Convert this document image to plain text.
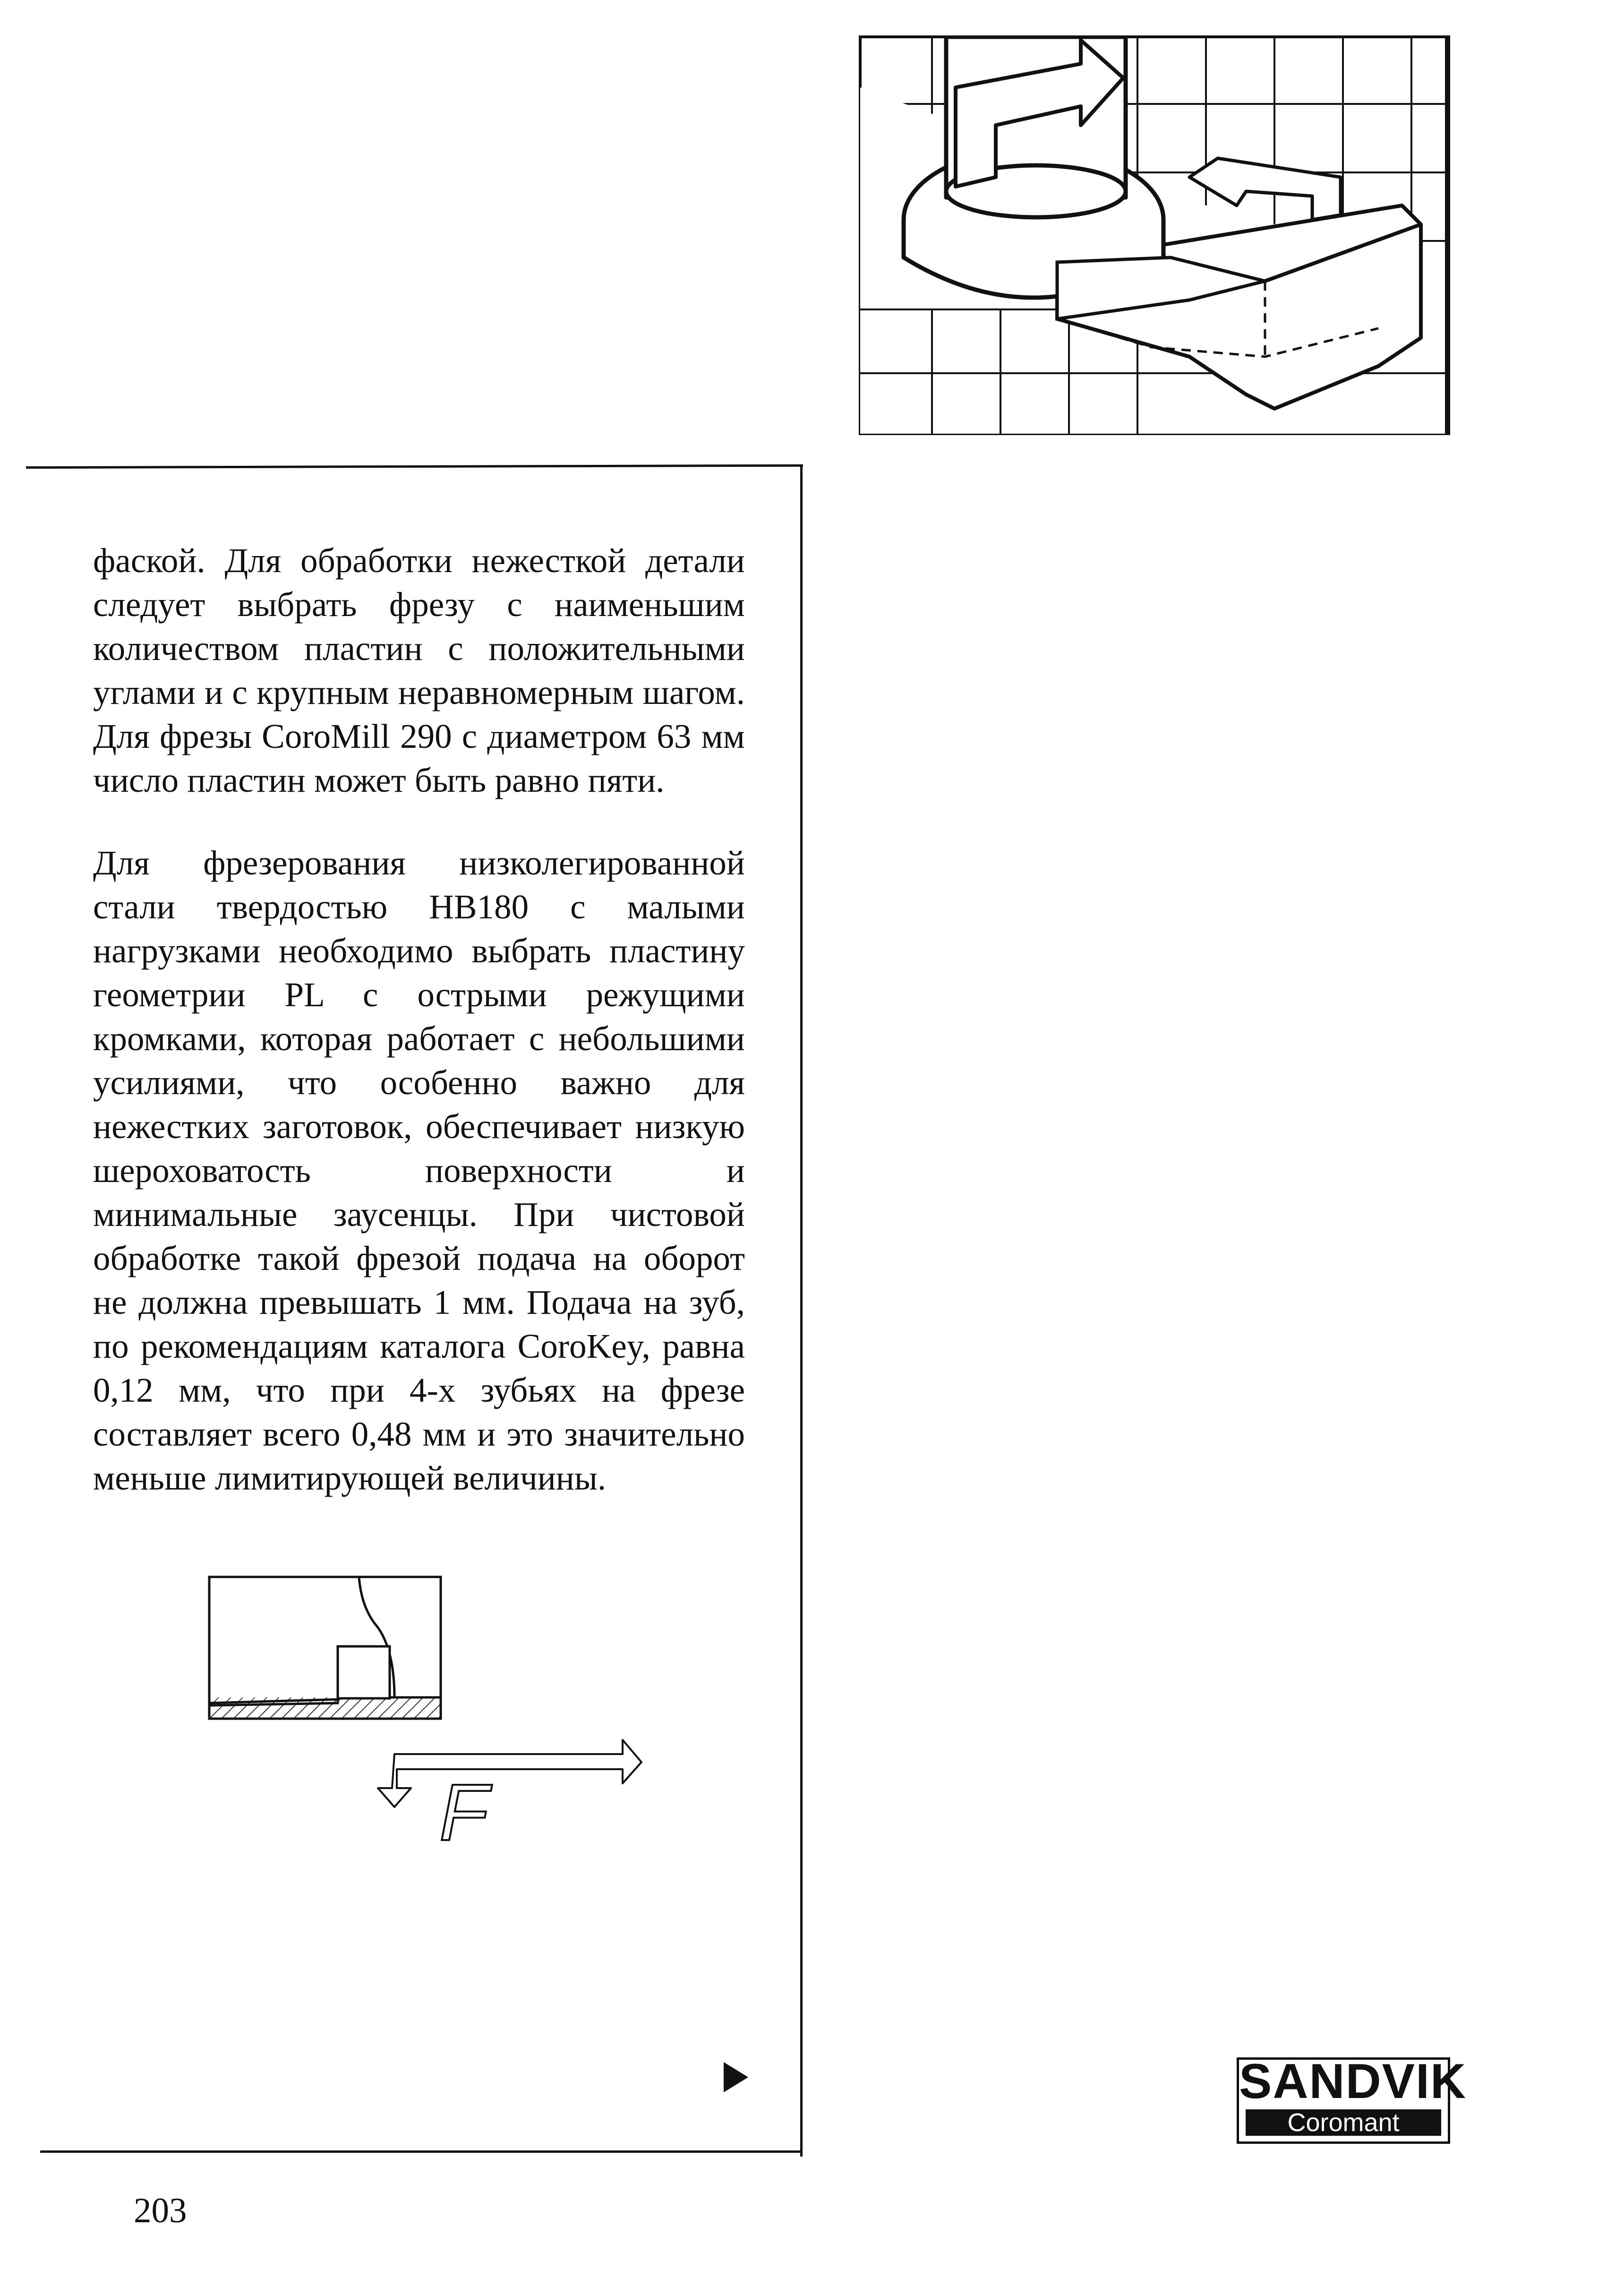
фаской. Для обработки нежесткой детали следует выбрать фрезу с наименьшим количеством пластин с положительными углами и с крупным неравномерным шагом. Для фрезы CoroMill 290 с диаметром 63 мм число пластин может быть равно пяти.

Для фрезерования низколегированной стали твердостью НВ180 с малыми нагрузками необходимо выбрать пластину геометрии PL с острыми режущими кромками, которая работает с небольшими усилиями, что особенно важно для нежестких заготовок, обеспечивает низкую шероховатость поверхности и минимальные заусенцы. При чистовой обработке такой фрезой подача на оборот не должна превышать 1 мм. Подача на зуб, по рекомендациям каталога CoroKey, равна 0,12 мм, что при 4-х зубьях на фрезе составляет всего 0,48 мм и это значительно меньше лимитирующей величины.

F
SANDVIK
Coromant
203
